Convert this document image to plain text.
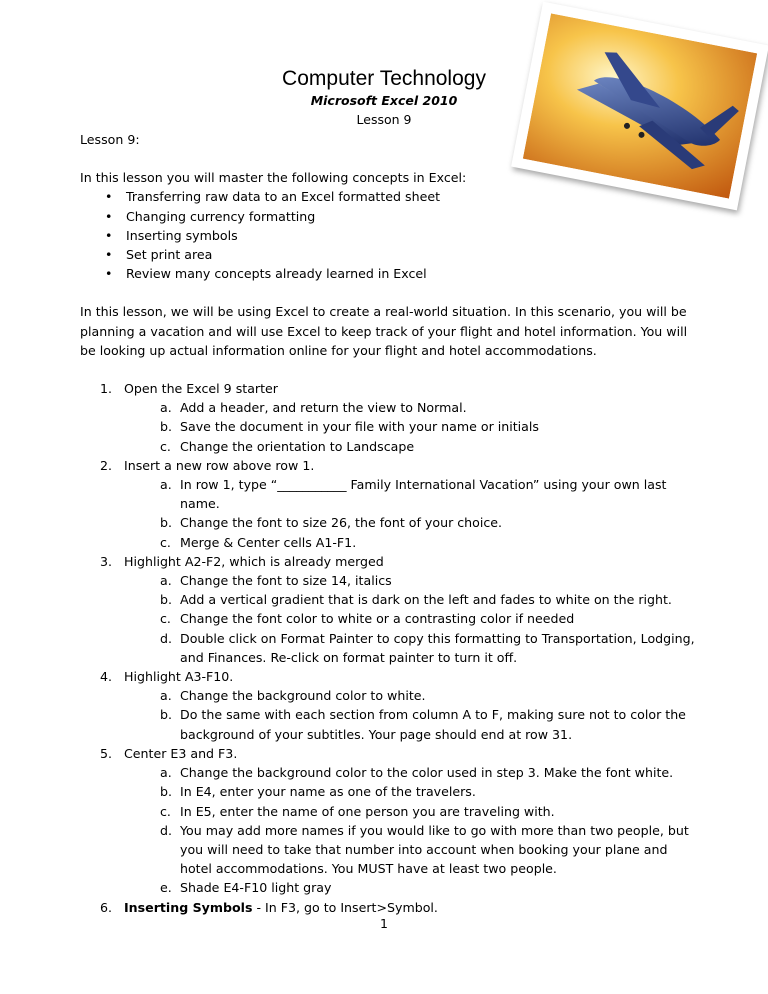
Computer Technology
Microsoft Excel 2010
Lesson 9

Lesson 9:

In this lesson you will master the following concepts in Excel:

• Transferring raw data to an Excel formatted sheet
• Changing currency formatting
• Inserting symbols
• Set print area
• Review many concepts already learned in Excel

In this lesson, we will be using Excel to create a real-world situation. In this scenario, you will be planning a vacation and will use Excel to keep track of your flight and hotel information. You will be looking up actual information online for your flight and hotel accommodations.

1. Open the Excel 9 starter
a. Add a header, and return the view to Normal.
b. Save the document in your file with your name or initials
c. Change the orientation to Landscape
2. Insert a new row above row 1.
a. In row 1, type “___________ Family International Vacation” using your own last name.
b. Change the font to size 26, the font of your choice.
c. Merge & Center cells A1-F1.
3. Highlight A2-F2, which is already merged
a. Change the font to size 14, italics
b. Add a vertical gradient that is dark on the left and fades to white on the right.
c. Change the font color to white or a contrasting color if needed
d. Double click on Format Painter to copy this formatting to Transportation, Lodging, and Finances. Re-click on format painter to turn it off.
4. Highlight A3-F10.
a. Change the background color to white.
b. Do the same with each section from column A to F, making sure not to color the background of your subtitles. Your page should end at row 31.
5. Center E3 and F3.
a. Change the background color to the color used in step 3. Make the font white.
b. In E4, enter your name as one of the travelers.
c. In E5, enter the name of one person you are traveling with.
d. You may add more names if you would like to go with more than two people, but you will need to take that number into account when booking your plane and hotel accommodations. You MUST have at least two people.
e. Shade E4-F10 light gray
6. Inserting Symbols - In F3, go to Insert>Symbol.
1
